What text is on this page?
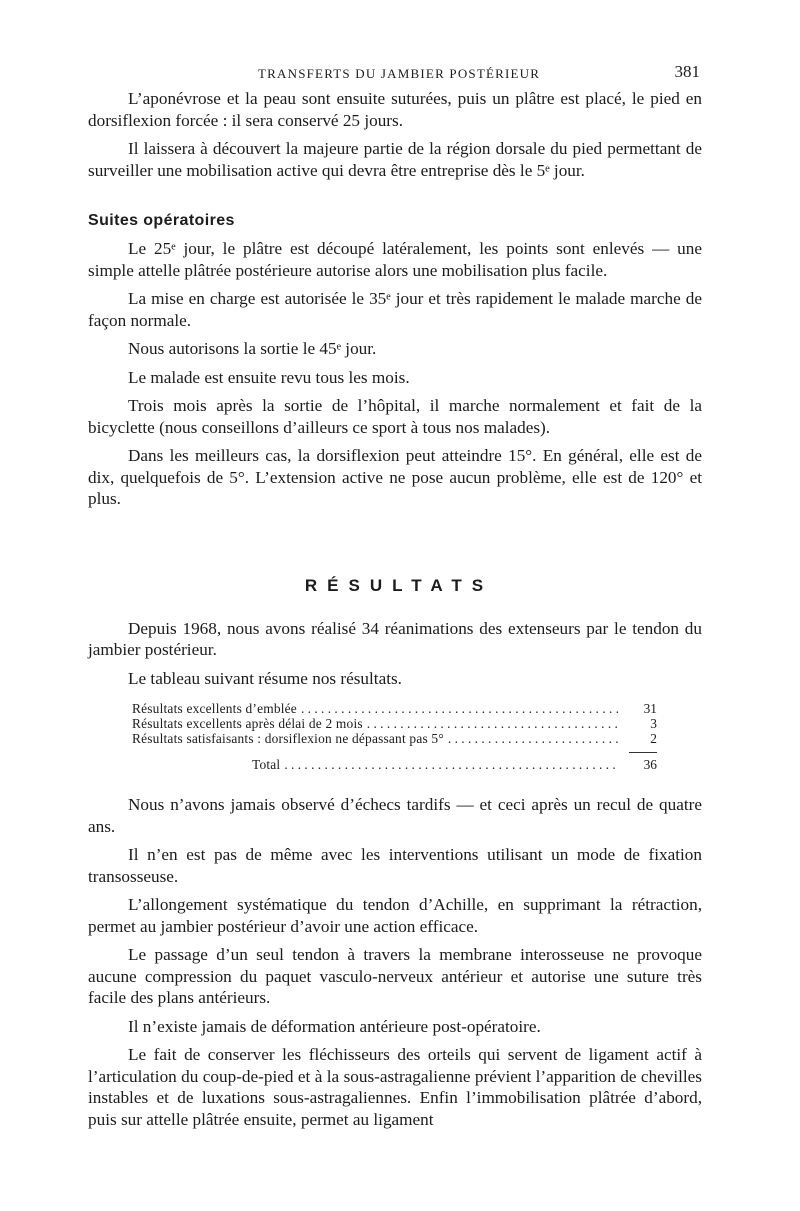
TRANSFERTS DU JAMBIER POSTÉRIEUR	381

L’aponévrose et la peau sont ensuite suturées, puis un plâtre est placé, le pied en dorsiflexion forcée : il sera conservé 25 jours.

Il laissera à découvert la majeure partie de la région dorsale du pied permettant de surveiller une mobilisation active qui devra être entreprise dès le 5ᵉ jour.

Suites opératoires

Le 25ᵉ jour, le plâtre est découpé latéralement, les points sont enlevés — une simple attelle plâtrée postérieure autorise alors une mobilisation plus facile.

La mise en charge est autorisée le 35ᵉ jour et très rapidement le malade marche de façon normale.

Nous autorisons la sortie le 45ᵉ jour.

Le malade est ensuite revu tous les mois.

Trois mois après la sortie de l’hôpital, il marche normalement et fait de la bicyclette (nous conseillons d’ailleurs ce sport à tous nos malades).

Dans les meilleurs cas, la dorsiflexion peut atteindre 15°. En général, elle est de dix, quelquefois de 5°. L’extension active ne pose aucun problème, elle est de 120° et plus.

RÉSULTATS

Depuis 1968, nous avons réalisé 34 réanimations des extenseurs par le tendon du jambier postérieur.

Le tableau suivant résume nos résultats.

Résultats excellents d’emblée . . .	31
Résultats excellents après délai de 2 mois . . .	3
Résultats satisfaisants : dorsiflexion ne dépassant pas 5° . . .	2
Total . . .	36

Nous n’avons jamais observé d’échecs tardifs — et ceci après un recul de quatre ans.

Il n’en est pas de même avec les interventions utilisant un mode de fixation transosseuse.

L’allongement systématique du tendon d’Achille, en supprimant la rétraction, permet au jambier postérieur d’avoir une action efficace.

Le passage d’un seul tendon à travers la membrane interosseuse ne provoque aucune compression du paquet vasculo-nerveux antérieur et autorise une suture très facile des plans antérieurs.

Il n’existe jamais de déformation antérieure post-opératoire.

Le fait de conserver les fléchisseurs des orteils qui servent de ligament actif à l’articulation du coup-de-pied et à la sous-astragalienne prévient l’apparition de chevilles instables et de luxations sous-astragaliennes. Enfin l’immobilisation plâtrée d’abord, puis sur attelle plâtrée ensuite, permet au ligament
